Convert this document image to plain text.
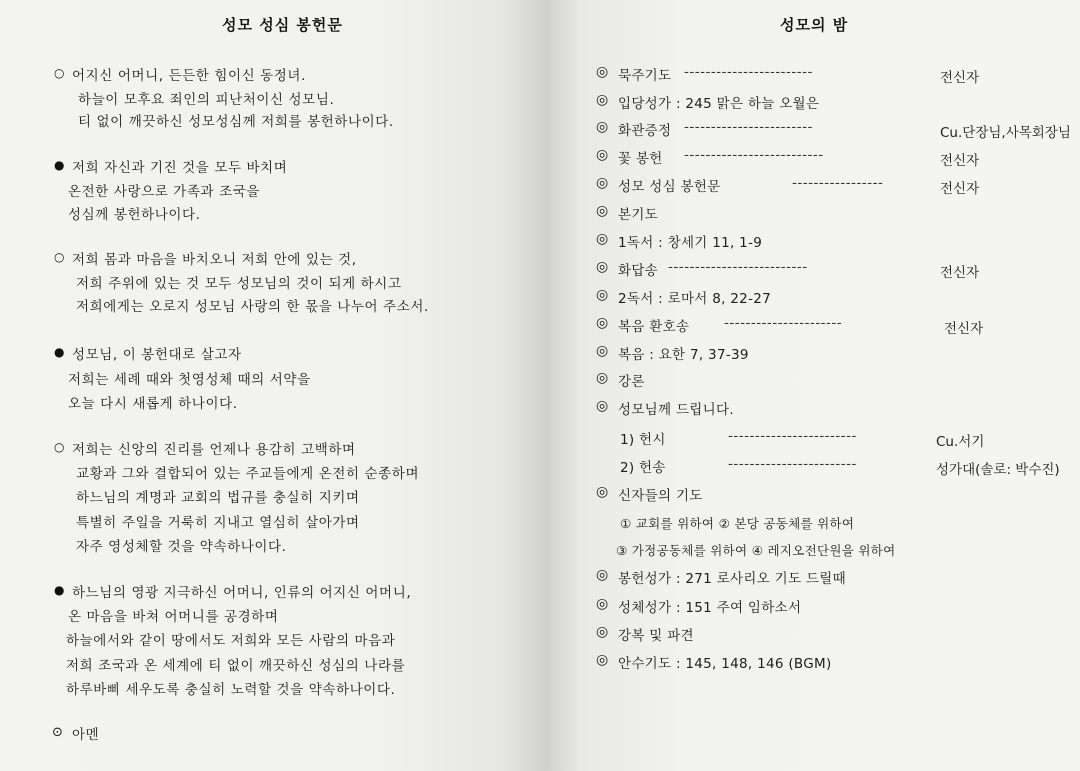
성모 성심 봉헌문
○ 어지신 어머니, 든든한 힘이신 동정녀.
하늘이 모후요 죄인의 피난처이신 성모님.
티 없이 깨끗하신 성모성심께 저희를 봉헌하나이다.
● 저희 자신과 기진 것을 모두 바치며
온전한 사랑으로 가족과 조국을
성심께 봉헌하나이다.
○ 저희 몸과 마음을 바치오니 저희 안에 있는 것,
저희 주위에 있는 것 모두 성모님의 것이 되게 하시고
저희에게는 오로지 성모님 사랑의 한 몫을 나누어 주소서.
● 성모님, 이 봉헌대로 살고자
저희는 세례 때와 첫영성체 때의 서약을
오늘 다시 새롭게 하나이다.
○ 저희는 신앙의 진리를 언제나 용감히 고백하며
교황과 그와 결합되어 있는 주교들에게 온전히 순종하며
하느님의 계명과 교회의 법규를 충실히 지키며
특별히 주일을 거룩히 지내고 열심히 살아가며
자주 영성체할 것을 약속하나이다.
● 하느님의 영광 지극하신 어머니, 인류의 어지신 어머니,
온 마음을 바쳐 어머니를 공경하며
하늘에서와 같이 땅에서도 저희와 모든 사람의 마음과
저희 조국과 온 세계에 티 없이 깨끗하신 성심의 나라를
하루바삐 세우도록 충실히 노력할 것을 약속하나이다.
⊙ 아멘
성모의 밤
◎ 묵주기도 ------------------------	전신자
◎ 입당성가 : 245 맑은 하늘 오월은
◎ 화관증정 ------------------------	Cu.단장님,사목회장님
◎ 꽃 봉헌 --------------------------	전신자
◎ 성모 성심 봉헌문	-----------------	전신자
◎ 본기도
◎ 1독서 : 창세기 11, 1-9
◎ 화답송 --------------------------	전신자
◎ 2독서 : 로마서 8, 22-27
◎ 복음 환호송	----------------------	전신자
◎ 복음 : 요한 7, 37-39
◎ 강론
◎ 성모님께 드립니다.
1) 헌시	------------------------	Cu.서기
2) 헌송	------------------------	성가대(솔로: 박수진)
◎ 신자들의 기도
① 교회를 위하여 ② 본당 공동체를 위하여
③ 가정공동체를 위하여 ④ 레지오전단원을 위하여
◎ 봉헌성가 : 271 로사리오 기도 드릴때
◎ 성체성가 : 151 주여 임하소서
◎ 강복 및 파견
◎ 안수기도 : 145, 148, 146 (BGM)
